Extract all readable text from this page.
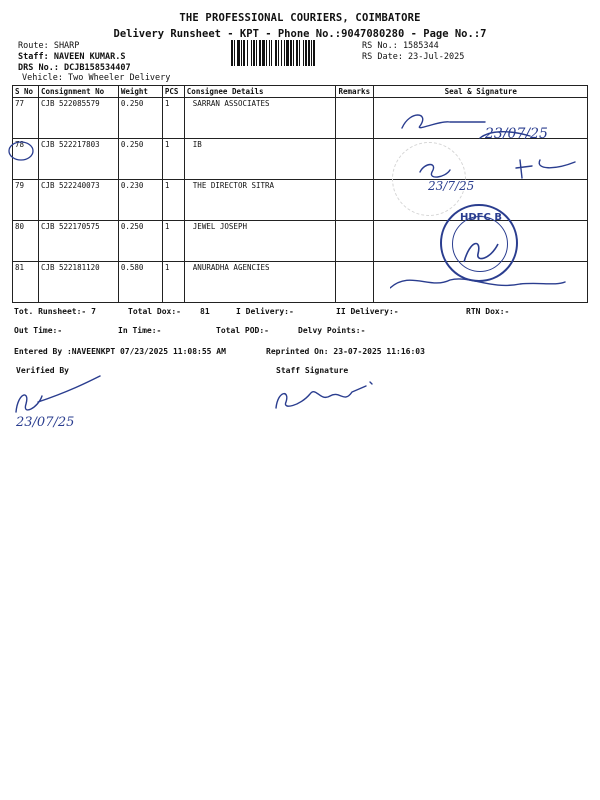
THE PROFESSIONAL COURIERS, COIMBATORE
Delivery Runsheet - KPT - Phone No.:9047080280 - Page No.:7
Route: SHARP
Staff: NAVEEN KUMAR.S
DRS No.: DCJB158534407
Vehicle: Two Wheeler Delivery
RS No.: 1585344
RS Date: 23-Jul-2025
S No	Consignment No	Weight	PCS	Consignee Details	Remarks	Seal & Signature
77	CJB 522085579	0.250	1	SARRAN ASSOCIATES		
78	CJB 522217803	0.250	1	IB		
79	CJB 522240073	0.230	1	THE DIRECTOR SITRA		
80	CJB 522170575	0.250	1	JEWEL JOSEPH		
81	CJB 522181120	0.580	1	ANURADHA AGENCIES		
23/07/25
23/7/25
HDFC B
Tot. Runsheet:- 7	Total Dox:- 81	I Delivery:-	II Delivery:-	RTN Dox:-
Out Time:-	In Time:-	Total POD:-	Delvy Points:-
Entered By :NAVEENKPT 07/23/2025 11:08:55 AM	Reprinted On: 23-07-2025 11:16:03
Verified By	Staff Signature
23/07/25
